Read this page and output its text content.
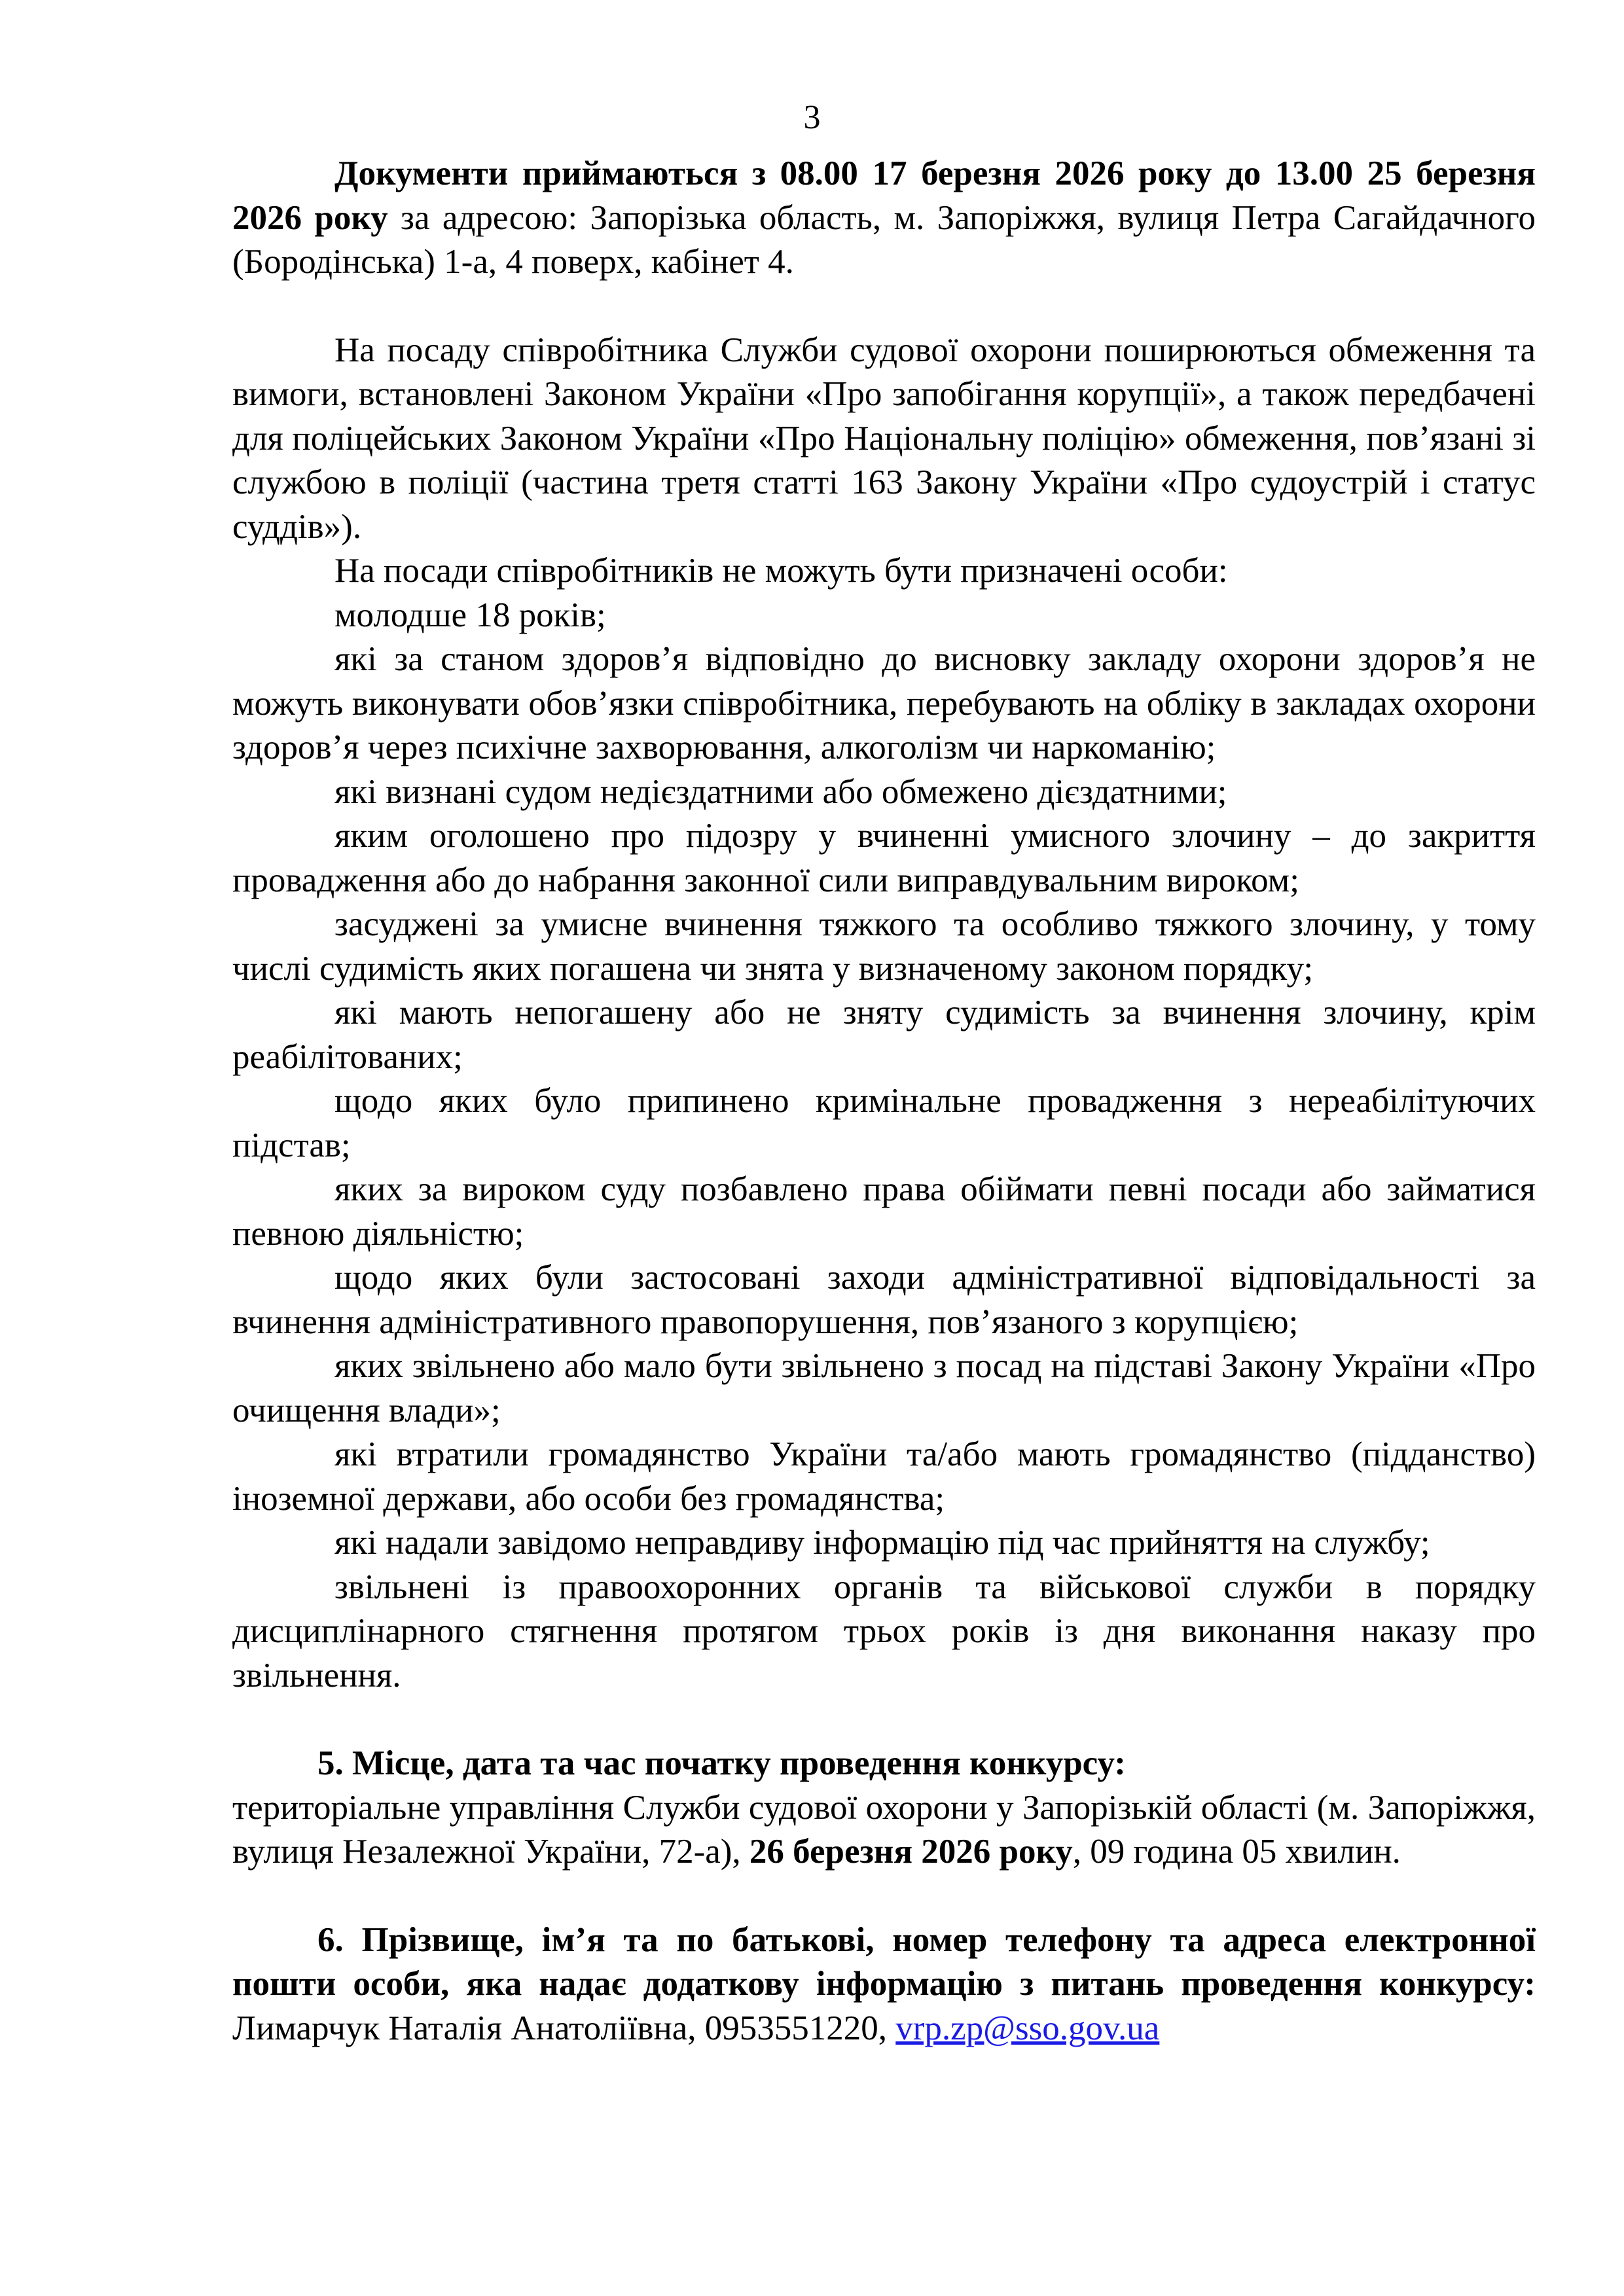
3

Документи приймаються з 08.00 17 березня 2026 року до 13.00 25 березня 2026 року за адресою: Запорізька область, м. Запоріжжя, вулиця Петра Сагайдачного (Бородінська) 1-а, 4 поверх, кабінет 4.

На посаду співробітника Служби судової охорони поширюються обмеження та вимоги, встановлені Законом України «Про запобігання корупції», а також передбачені для поліцейських Законом України «Про Національну поліцію» обмеження, пов’язані зі службою в поліції (частина третя статті 163 Закону України «Про судоустрій і статус суддів»).

На посади співробітників не можуть бути призначені особи:

молодше 18 років;

які за станом здоров’я відповідно до висновку закладу охорони здоров’я не можуть виконувати обов’язки співробітника, перебувають на обліку в закладах охорони здоров’я через психічне захворювання, алкоголізм чи наркоманію;

які визнані судом недієздатними або обмежено дієздатними;

яким оголошено про підозру у вчиненні умисного злочину – до закриття провадження або до набрання законної сили виправдувальним вироком;

засуджені за умисне вчинення тяжкого та особливо тяжкого злочину, у тому числі судимість яких погашена чи знята у визначеному законом порядку;

які мають непогашену або не зняту судимість за вчинення злочину, крім реабілітованих;

щодо яких було припинено кримінальне провадження з нереабілітуючих підстав;

яких за вироком суду позбавлено права обіймати певні посади або займатися певною діяльністю;

щодо яких були застосовані заходи адміністративної відповідальності за вчинення адміністративного правопорушення, пов’язаного з корупцією;

яких звільнено або мало бути звільнено з посад на підставі Закону України «Про очищення влади»;

які втратили громадянство України та/або мають громадянство (підданство) іноземної держави, або особи без громадянства;

які надали завідомо неправдиву інформацію під час прийняття на службу;

звільнені із правоохоронних органів та військової служби в порядку дисциплінарного стягнення протягом трьох років із дня виконання наказу про звільнення.

5. Місце, дата та час початку проведення конкурсу:

територіальне управління Служби судової охорони у Запорізькій області (м. Запоріжжя, вулиця Незалежної України, 72-а), 26 березня 2026 року, 09 година 05 хвилин.

6. Прізвище, ім’я та по батькові, номер телефону та адреса електронної пошти особи, яка надає додаткову інформацію з питань проведення конкурсу: Лимарчук Наталія Анатоліївна, 0953551220, vrp.zp@sso.gov.ua
